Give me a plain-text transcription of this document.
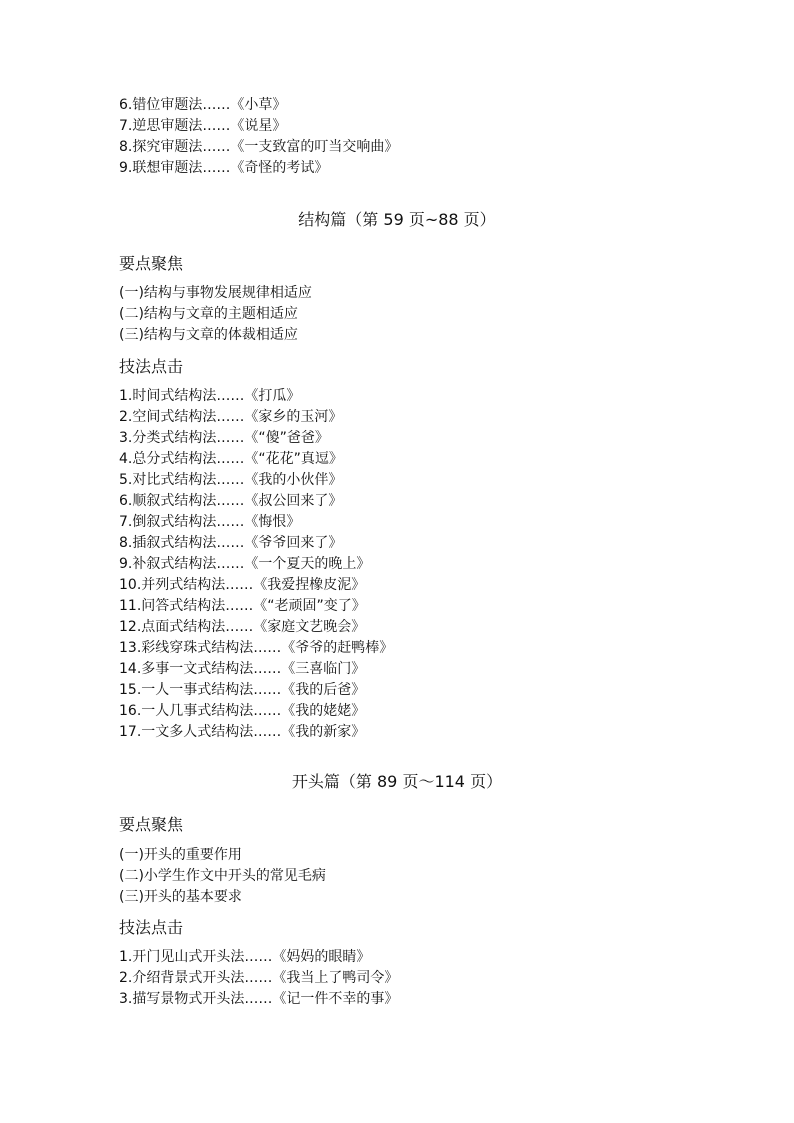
6.错位审题法……《小草》
7.逆思审题法……《说星》
8.探究审题法……《一支致富的叮当交响曲》
9.联想审题法……《奇怪的考试》
结构篇（第 59 页~88 页）
要点聚焦
(一)结构与事物发展规律相适应
(二)结构与文章的主题相适应
(三)结构与文章的体裁相适应
技法点击
1.时间式结构法……《打瓜》
2.空间式结构法……《家乡的玉河》
3.分类式结构法……《“傻”爸爸》
4.总分式结构法……《“花花”真逗》
5.对比式结构法……《我的小伙伴》
6.顺叙式结构法……《叔公回来了》
7.倒叙式结构法……《悔恨》
8.插叙式结构法……《爷爷回来了》
9.补叙式结构法……《一个夏天的晚上》
10.并列式结构法……《我爱捏橡皮泥》
11.问答式结构法……《“老顽固”变了》
12.点面式结构法……《家庭文艺晚会》
13.彩线穿珠式结构法……《爷爷的赶鸭棒》
14.多事一文式结构法……《三喜临门》
15.一人一事式结构法……《我的后爸》
16.一人几事式结构法……《我的姥姥》
17.一文多人式结构法……《我的新家》
开头篇（第 89 页～114 页）
要点聚焦
(一)开头的重要作用
(二)小学生作文中开头的常见毛病
(三)开头的基本要求
技法点击
1.开门见山式开头法……《妈妈的眼睛》
2.介绍背景式开头法……《我当上了鸭司令》
3.描写景物式开头法……《记一件不幸的事》
